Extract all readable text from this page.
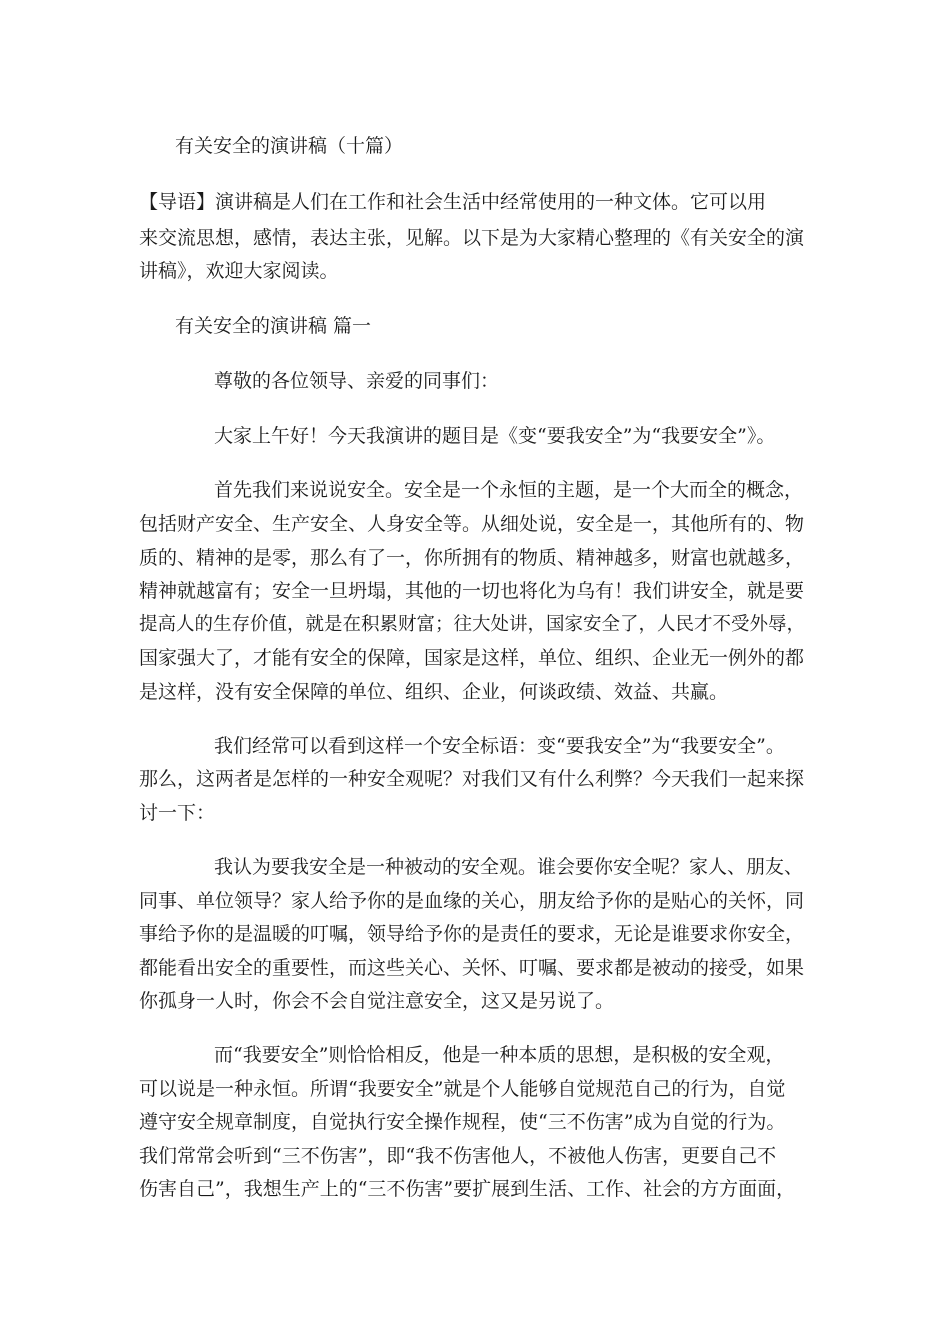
有关安全的演讲稿（十篇）
【导语】演讲稿是人们在工作和社会生活中经常使用的一种文体。它可以用
来交流思想，感情，表达主张，见解。以下是为大家精心整理的《有关安全的演
讲稿》，欢迎大家阅读。
有关安全的演讲稿 篇一
尊敬的各位领导、亲爱的同事们：
大家上午好！今天我演讲的题目是《变“要我安全”为“我要安全”》。
首先我们来说说安全。安全是一个永恒的主题，是一个大而全的概念，
包括财产安全、生产安全、人身安全等。从细处说，安全是一，其他所有的、物
质的、精神的是零，那么有了一，你所拥有的物质、精神越多，财富也就越多，
精神就越富有；安全一旦坍塌，其他的一切也将化为乌有！我们讲安全，就是要
提高人的生存价值，就是在积累财富；往大处讲，国家安全了，人民才不受外辱，
国家强大了，才能有安全的保障，国家是这样，单位、组织、企业无一例外的都
是这样，没有安全保障的单位、组织、企业，何谈政绩、效益、共赢。
我们经常可以看到这样一个安全标语：变“要我安全”为“我要安全”。
那么，这两者是怎样的一种安全观呢？对我们又有什么利弊？今天我们一起来探
讨一下：
我认为要我安全是一种被动的安全观。谁会要你安全呢？家人、朋友、
同事、单位领导？家人给予你的是血缘的关心，朋友给予你的是贴心的关怀，同
事给予你的是温暖的叮嘱，领导给予你的是责任的要求，无论是谁要求你安全，
都能看出安全的重要性，而这些关心、关怀、叮嘱、要求都是被动的接受，如果
你孤身一人时，你会不会自觉注意安全，这又是另说了。
而“我要安全”则恰恰相反，他是一种本质的思想，是积极的安全观，
可以说是一种永恒。所谓“我要安全”就是个人能够自觉规范自己的行为，自觉
遵守安全规章制度，自觉执行安全操作规程，使“三不伤害”成为自觉的行为。
我们常常会听到“三不伤害”，即“我不伤害他人，不被他人伤害，更要自己不
伤害自己”，我想生产上的“三不伤害”要扩展到生活、工作、社会的方方面面，
